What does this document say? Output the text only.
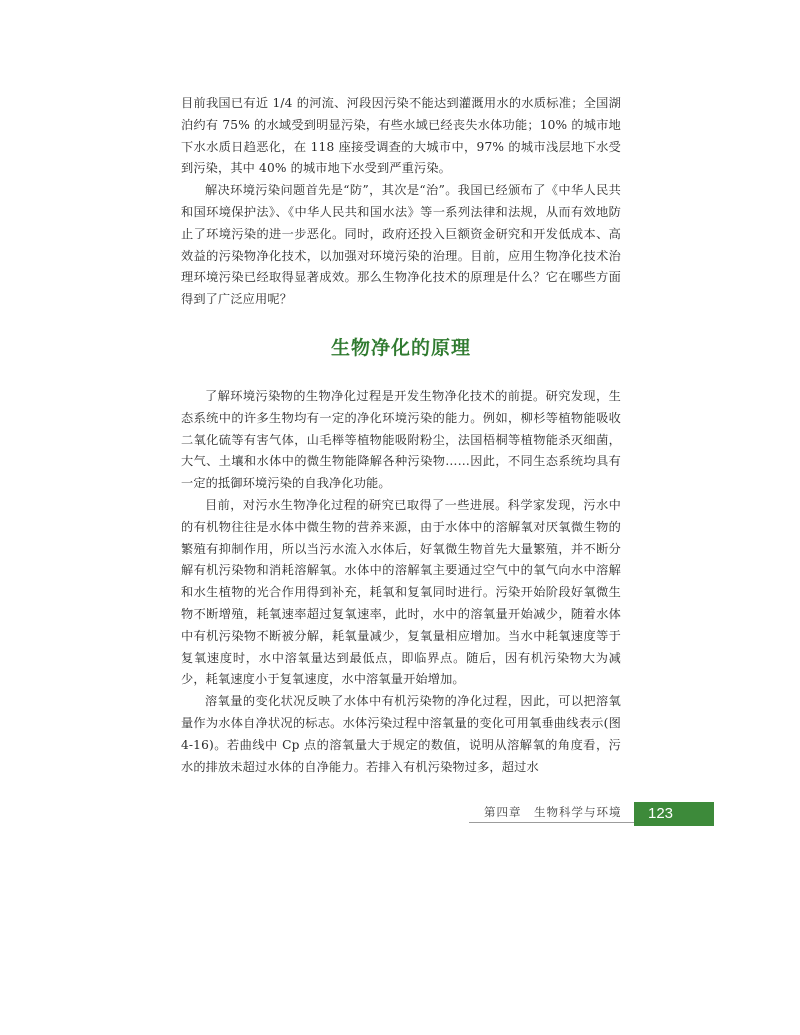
目前我国已有近 1/4 的河流、河段因污染不能达到灌溉用水的水质标准；全国湖泊约有 75% 的水域受到明显污染，有些水域已经丧失水体功能；10% 的城市地下水水质日趋恶化，在 118 座接受调查的大城市中，97% 的城市浅层地下水受到污染，其中 40% 的城市地下水受到严重污染。

解决环境污染问题首先是“防”，其次是“治”。我国已经颁布了《中华人民共和国环境保护法》、《中华人民共和国水法》等一系列法律和法规，从而有效地防止了环境污染的进一步恶化。同时，政府还投入巨额资金研究和开发低成本、高效益的污染物净化技术，以加强对环境污染的治理。目前，应用生物净化技术治理环境污染已经取得显著成效。那么生物净化技术的原理是什么？它在哪些方面得到了广泛应用呢？

生物净化的原理

了解环境污染物的生物净化过程是开发生物净化技术的前提。研究发现，生态系统中的许多生物均有一定的净化环境污染的能力。例如，柳杉等植物能吸收二氧化硫等有害气体，山毛榉等植物能吸附粉尘，法国梧桐等植物能杀灭细菌，大气、土壤和水体中的微生物能降解各种污染物……因此，不同生态系统均具有一定的抵御环境污染的自我净化功能。

目前，对污水生物净化过程的研究已取得了一些进展。科学家发现，污水中的有机物往往是水体中微生物的营养来源，由于水体中的溶解氧对厌氧微生物的繁殖有抑制作用，所以当污水流入水体后，好氧微生物首先大量繁殖，并不断分解有机污染物和消耗溶解氧。水体中的溶解氧主要通过空气中的氧气向水中溶解和水生植物的光合作用得到补充，耗氧和复氧同时进行。污染开始阶段好氧微生物不断增殖，耗氧速率超过复氧速率，此时，水中的溶氧量开始减少，随着水体中有机污染物不断被分解，耗氧量减少，复氧量相应增加。当水中耗氧速度等于复氧速度时，水中溶氧量达到最低点，即临界点。随后，因有机污染物大为减少，耗氧速度小于复氧速度，水中溶氧量开始增加。

溶氧量的变化状况反映了水体中有机污染物的净化过程，因此，可以把溶氧量作为水体自净状况的标志。水体污染过程中溶氧量的变化可用氧垂曲线表示(图 4-16)。若曲线中 Cp 点的溶氧量大于规定的数值，说明从溶解氧的角度看，污水的排放未超过水体的自净能力。若排入有机污染物过多，超过水

第四章　生物科学与环境	123
